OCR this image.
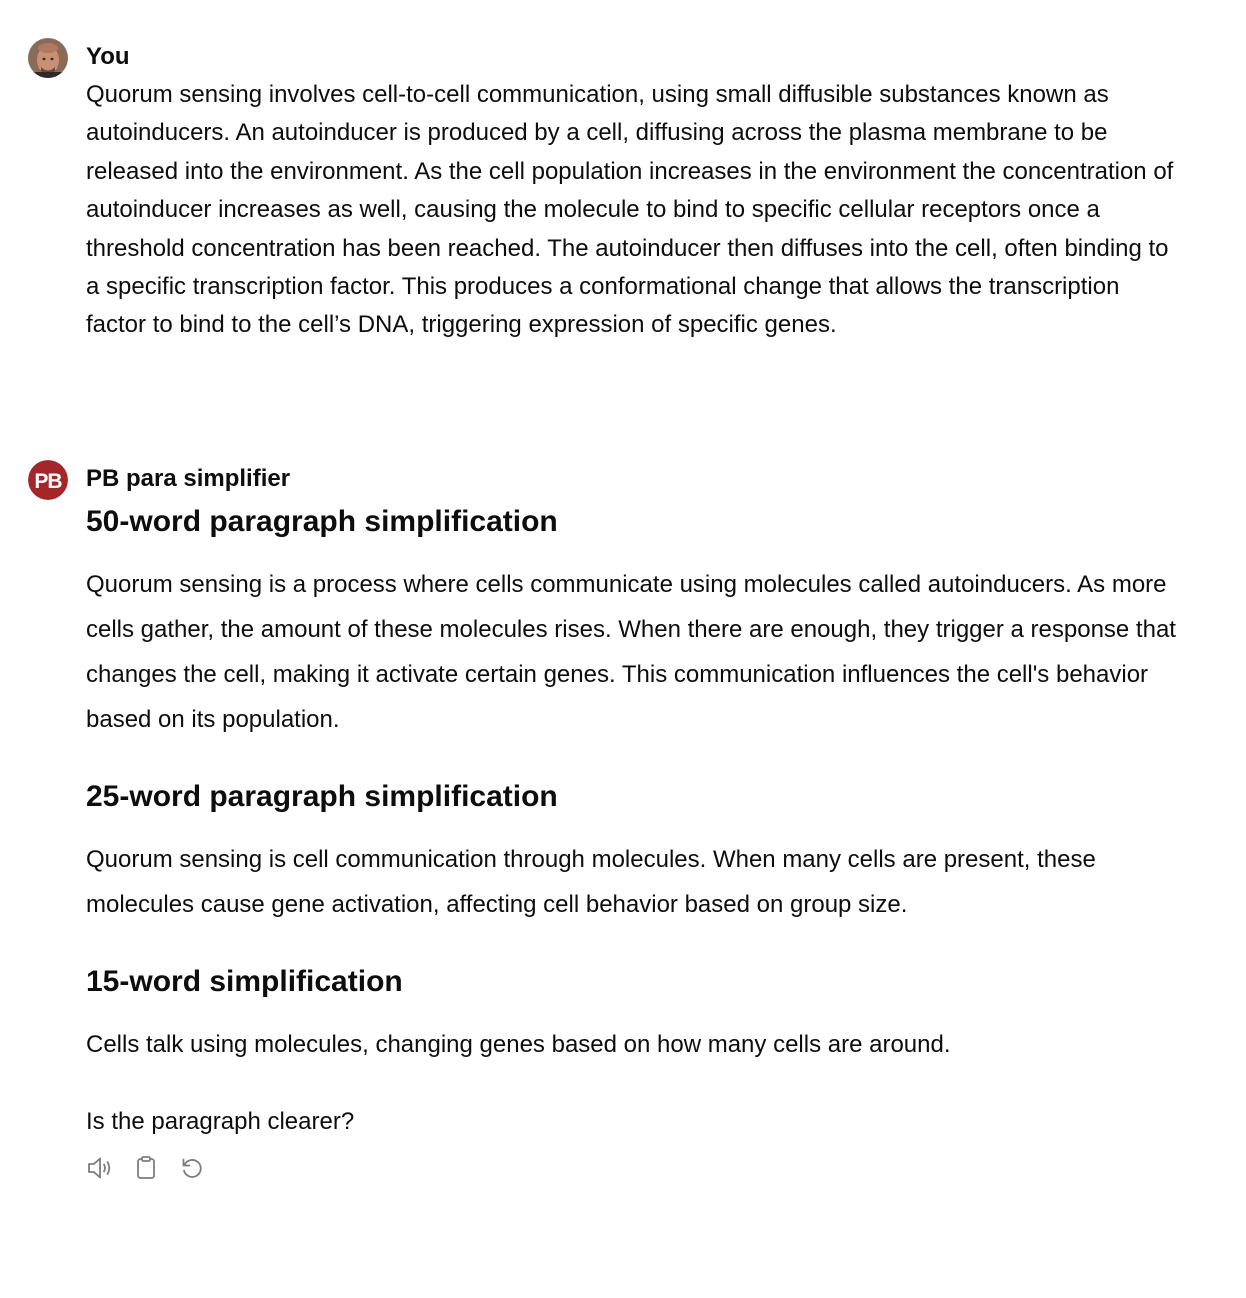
You

Quorum sensing involves cell-to-cell communication, using small diffusible substances known as autoinducers. An autoinducer is produced by a cell, diffusing across the plasma membrane to be released into the environment. As the cell population increases in the environment the concentration of autoinducer increases as well, causing the molecule to bind to specific cellular receptors once a threshold concentration has been reached. The autoinducer then diffuses into the cell, often binding to a specific transcription factor. This produces a conformational change that allows the transcription factor to bind to the cell’s DNA, triggering expression of specific genes.

PB PB para simplifier
50-word paragraph simplification

Quorum sensing is a process where cells communicate using molecules called autoinducers. As more cells gather, the amount of these molecules rises. When there are enough, they trigger a response that changes the cell, making it activate certain genes. This communication influences the cell's behavior based on its population.

25-word paragraph simplification

Quorum sensing is cell communication through molecules. When many cells are present, these molecules cause gene activation, affecting cell behavior based on group size.

15-word simplification

Cells talk using molecules, changing genes based on how many cells are around.

Is the paragraph clearer?
